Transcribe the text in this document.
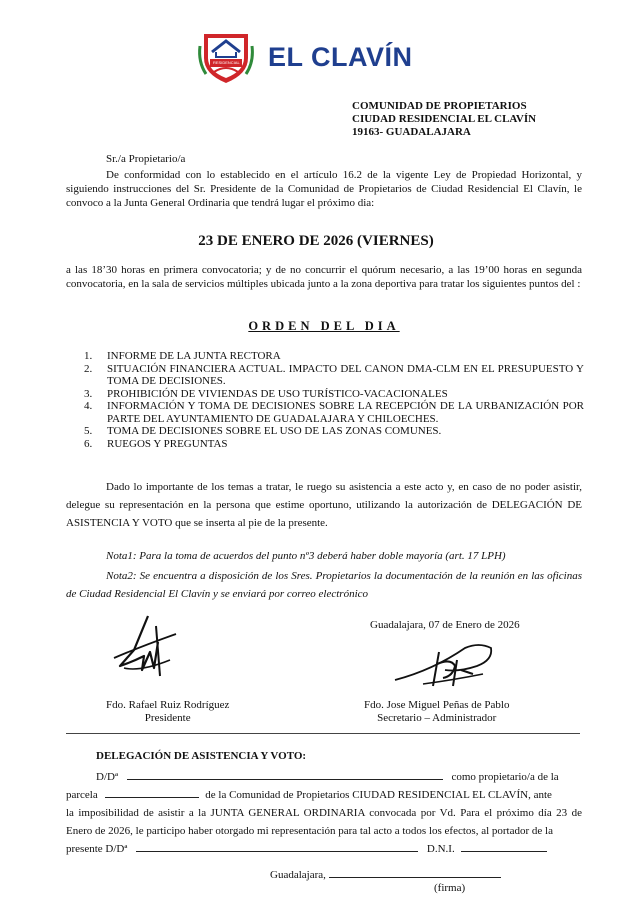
RESIDENCIAL EL CLAVÍN
COMUNIDAD DE PROPIETARIOS
CIUDAD RESIDENCIAL EL CLAVÍN
19163- GUADALAJARA
Sr./a Propietario/a
De conformidad con lo establecido en el artículo 16.2 de la vigente Ley de Propiedad Horizontal, y siguiendo instrucciones del Sr. Presidente de la Comunidad de Propietarios de Ciudad Residencial El Clavín, le convoco a la Junta General Ordinaria que tendrá lugar el próximo dia:
23 DE ENERO DE 2026 (VIERNES)
a las 18’30 horas en primera convocatoria; y de no concurrir el quórum necesario, a las 19’00 horas en segunda convocatoria, en la sala de servicios múltiples ubicada junto a la zona deportiva para tratar los siguientes puntos del :
ORDEN DEL DIA
1. INFORME DE LA JUNTA RECTORA
2. SITUACIÓN FINANCIERA ACTUAL. IMPACTO DEL CANON DMA-CLM EN EL PRESUPUESTO Y TOMA DE DECISIONES.
3. PROHIBICIÓN DE VIVIENDAS DE USO TURÍSTICO-VACACIONALES
4. INFORMACIÓN Y TOMA DE DECISIONES SOBRE LA RECEPCIÓN DE LA URBANIZACIÓN POR PARTE DEL AYUNTAMIENTO DE GUADALAJARA Y CHILOECHES.
5. TOMA DE DECISIONES SOBRE EL USO DE LAS ZONAS COMUNES.
6. RUEGOS Y PREGUNTAS
Dado lo importante de los temas a tratar, le ruego su asistencia a este acto y, en caso de no poder asistir, delegue su representación en la persona que estime oportuno, utilizando la autorización de DELEGACIÓN DE ASISTENCIA Y VOTO que se inserta al pie de la presente.
Nota1: Para la toma de acuerdos del punto nº3 deberá haber doble mayoría (art. 17 LPH)
Nota2: Se encuentra a disposición de los Sres. Propietarios la documentación de la reunión en las oficinas de Ciudad Residencial El Clavín y se enviará por correo electrónico
Guadalajara, 07 de Enero de 2026
Fdo. Rafael Ruiz Rodríguez
Presidente
Fdo. Jose Miguel Peñas de Pablo
Secretario – Administrador
DELEGACIÓN DE ASISTENCIA Y VOTO:
D/Dª	como propietario/a de la
parcela	de la Comunidad de Propietarios CIUDAD RESIDENCIAL EL CLAVÍN, ante
la imposibilidad de asistir a la JUNTA GENERAL ORDINARIA convocada por Vd. Para el próximo día 23 de Enero de 2026, le participo haber otorgado mi representación para tal acto a todos los efectos, al portador de la
presente D/Dª	D.N.I.
Guadalajara,
(firma)
